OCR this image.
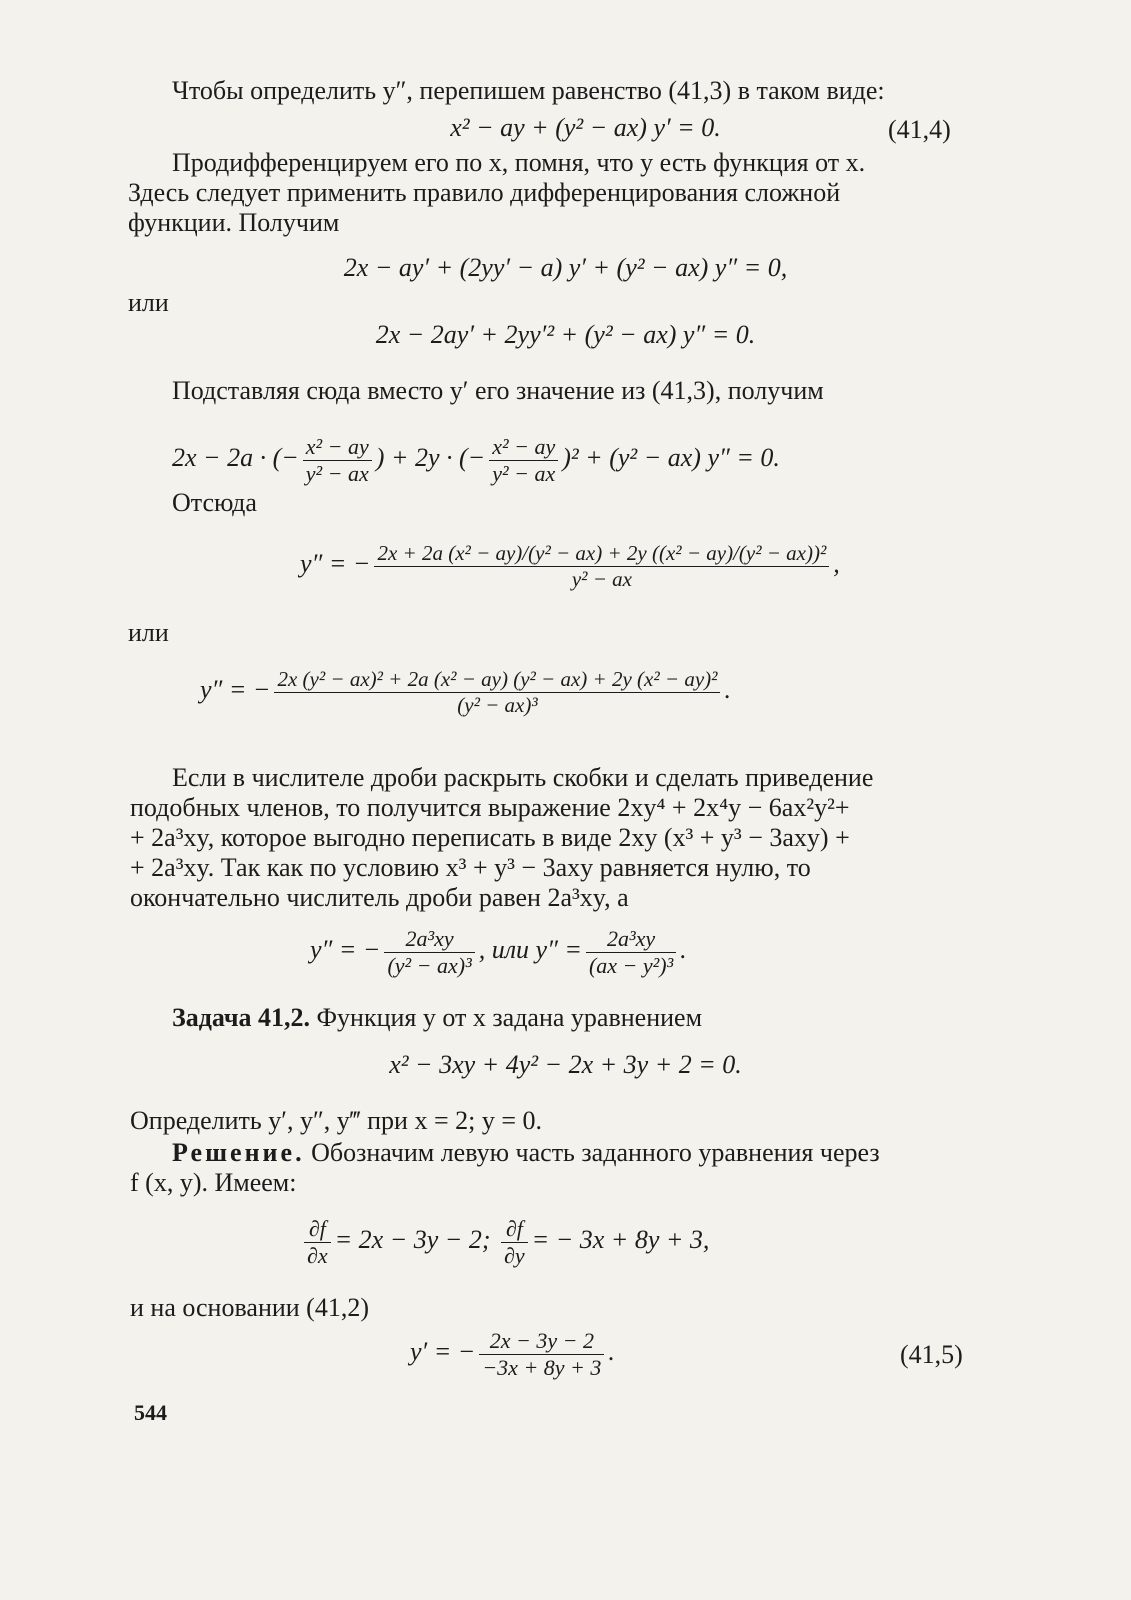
Чтобы определить y″, перепишем равенство (41,3) в таком виде:
x² − ay + (y² − ax) y′ = 0.	(41,4)
Продифференцируем его по x, помня, что y есть функция от x.
Здесь следует применить правило дифференцирования сложной
функции. Получим
2x − ay′ + (2yy′ − a) y′ + (y² − ax) y″ = 0,
или
2x − 2ay′ + 2yy′² + (y² − ax) y″ = 0.
Подставляя сюда вместо y′ его значение из (41,3), получим
2x − 2a · (− $\frac{\text{x² − ay}}{\text{y² − ax}}$ ) + 2y · (− $\frac{\text{x² − ay}}{\text{y² − ax}} )^2 + (y^2 - ax)$ y″ = 0.
Отсюда
y″ = − $\frac{\text{2x + 2a (x² − ay)/(y² − ax) + 2y ((x² − ay)/(y² − ax))²}}{\text{y² − ax}}$ ,
или
y″ = − $\frac{\text{2x (y² − ax)² + 2a (x² − ay) (y² − ax) + 2y (x² − ay)²}}{\text{(y² − ax)³}}$ .
Если в числителе дроби раскрыть скобки и сделать приведение
подобных членов, то получится выражение 2xy⁴ + 2x⁴y − 6ax²y²+
+ 2a³xy, которое выгодно переписать в виде 2xy (x³ + y³ − 3axy) +
+ 2a³xy. Так как по условию x³ + y³ − 3axy равняется нулю, то
окончательно числитель дроби равен 2a³xy, а
y″ = − $\frac{\text{2a³xy}}{\text{(y² − ax)³}}$ , или $y'' = \frac{\text{2a³xy}}{\text{(ax − y²)³}}$ .
Задача 41,2. Функция y от x задана уравнением
x² − 3xy + 4y² − 2x + 3y + 2 = 0.
Определить y′, y″, y‴ при x = 2; y = 0.
Решение. Обозначим левую часть заданного уравнения через
f (x, y). Имеем:
$\frac{\partial f}{\partial x} = 2x - 3y - 2$; $\frac{\partial f}{\partial y}$ = − 3x + 8y + 3,
и на основании (41,2)
y′ = − $\frac{2x - 3y - 2}{-3x + 8y + 3}$ .	(41,5)
544
